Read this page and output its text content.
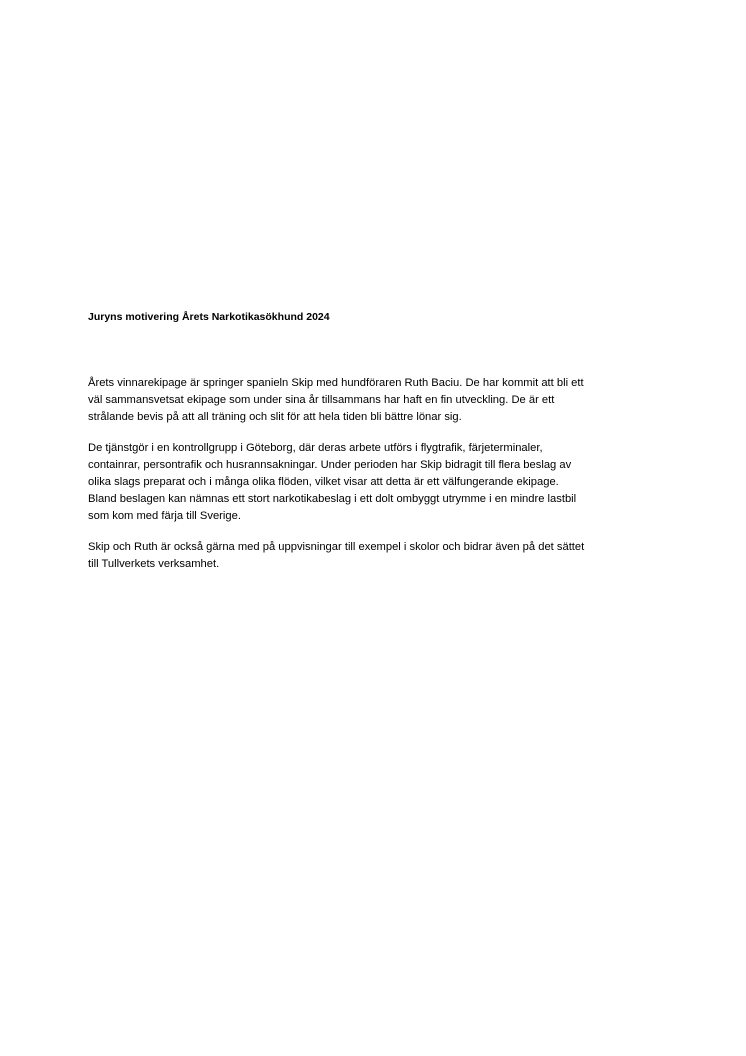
Juryns motivering Årets Narkotikasökhund 2024

Årets vinnarekipage är springer spanieln Skip med hundföraren Ruth Baciu. De har kommit att bli ett
väl sammansvetsat ekipage som under sina år tillsammans har haft en fin utveckling. De är ett
strålande bevis på att all träning och slit för att hela tiden bli bättre lönar sig.

De tjänstgör i en kontrollgrupp i Göteborg, där deras arbete utförs i flygtrafik, färjeterminaler,
containrar, persontrafik och husrannsakningar. Under perioden har Skip bidragit till flera beslag av
olika slags preparat och i många olika flöden, vilket visar att detta är ett välfungerande ekipage.
Bland beslagen kan nämnas ett stort narkotikabeslag i ett dolt ombyggt utrymme i en mindre lastbil
som kom med färja till Sverige.

Skip och Ruth är också gärna med på uppvisningar till exempel i skolor och bidrar även på det sättet
till Tullverkets verksamhet.
